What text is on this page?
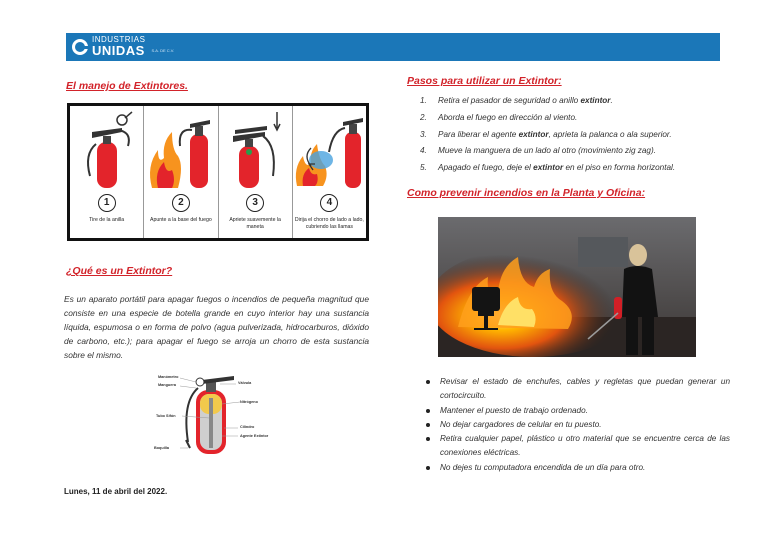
INDUSTRIAS
UNIDAS S.A. DE C.V.
El manejo de Extintores.
1
Tire de la anilla
2
Apunte a la base del fuego
3
Apriete suavemente la maneta
4
Dirija el chorro de lado a lado, cubriendo las llamas
¿Qué es un Extintor?
Es un aparato portátil para apagar fuegos o incendios de pequeña magnitud que consiste en una especie de botella grande en cuyo interior hay una sustancia líquida, espumosa o en forma de polvo (agua pulverizada, hidrocarburos, dióxido de carbono, etc.); para apagar el fuego se arroja un chorro de esta sustancia sobre el mismo.
Manómetro
Manguera	Válvula
Nitrógeno
Tubo Sifón
Cilindro
Agente Extintor
Boquilla
Lunes, 11 de abril del 2022.
Pasos para utilizar un Extintor:
1. Retira el pasador de seguridad o anillo extintor.
2. Aborda el fuego en dirección al viento.
3. Para liberar el agente extintor, aprieta la palanca o ala superior.
4. Mueve la manguera de un lado al otro (movimiento zig zag).
5. Apagado el fuego, deje el extintor en el piso en forma horizontal.
Como prevenir incendios en la Planta y Oficina:
Revisar el estado de enchufes, cables y regletas que puedan generar un cortocircuito.
Mantener el puesto de trabajo ordenado.
No dejar cargadores de celular en tu puesto.
Retira cualquier papel, plástico u otro material que se encuentre cerca de las conexiones eléctricas.
No dejes tu computadora encendida de un día para otro.
